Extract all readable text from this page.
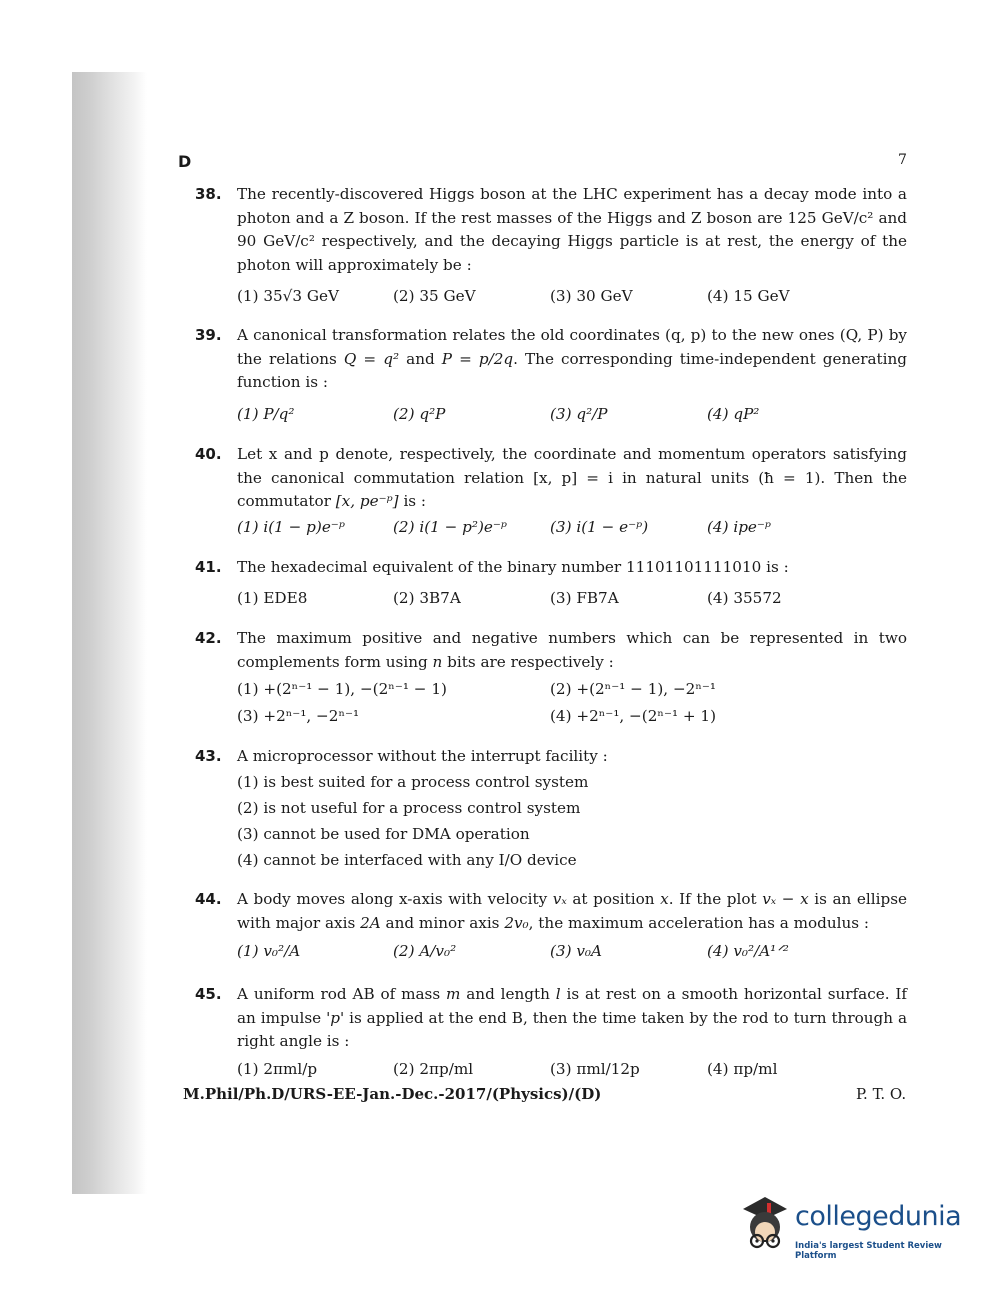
D	7
38. The recently-discovered Higgs boson at the LHC experiment has a decay mode into a photon and a Z boson. If the rest masses of the Higgs and Z boson are 125 GeV/c² and 90 GeV/c² respectively, and the decaying Higgs particle is at rest, the energy of the photon will approximately be :
(1) 35√3 GeV	(2) 35 GeV	(3) 30 GeV	(4) 15 GeV
39. A canonical transformation relates the old coordinates (q, p) to the new ones (Q, P) by the relations Q = q² and P = p/2q. The corresponding time-independent generating function is :
(1) P/q²	(2) q²P	(3) q²/P	(4) qP²
40. Let x and p denote, respectively, the coordinate and momentum operators satisfying the canonical commutation relation [x, p] = i in natural units (ħ = 1). Then the commutator [x, pe⁻ᵖ] is :
(1) i(1 − p)e⁻ᵖ	(2) i(1 − p²)e⁻ᵖ	(3) i(1 − e⁻ᵖ)	(4) ipe⁻ᵖ
41. The hexadecimal equivalent of the binary number 11101101111010 is :
(1) EDE8	(2) 3B7A	(3) FB7A	(4) 35572
42. The maximum positive and negative numbers which can be represented in two complements form using n bits are respectively :
(1) +(2ⁿ⁻¹ − 1), −(2ⁿ⁻¹ − 1)	(2) +(2ⁿ⁻¹ − 1), −2ⁿ⁻¹
(3) +2ⁿ⁻¹, −2ⁿ⁻¹	(4) +2ⁿ⁻¹, −(2ⁿ⁻¹ + 1)
43. A microprocessor without the interrupt facility :
(1) is best suited for a process control system
(2) is not useful for a process control system
(3) cannot be used for DMA operation
(4) cannot be interfaced with any I/O device
44. A body moves along x-axis with velocity vₓ at position x. If the plot vₓ − x is an ellipse with major axis 2A and minor axis 2v₀, the maximum acceleration has a modulus :
(1) v₀²/A	(2) A/v₀²	(3) v₀A	(4) v₀²/A¹ᐟ²
45. A uniform rod AB of mass m and length l is at rest on a smooth horizontal surface. If an impulse 'p' is applied at the end B, then the time taken by the rod to turn through a right angle is :
(1) 2πml/p	(2) 2πp/ml	(3) πml/12p	(4) πp/ml
M.Phil/Ph.D/URS-EE-Jan.-Dec.-2017/(Physics)/(D)	P. T. O.
collegedunia
India's largest Student Review Platform
